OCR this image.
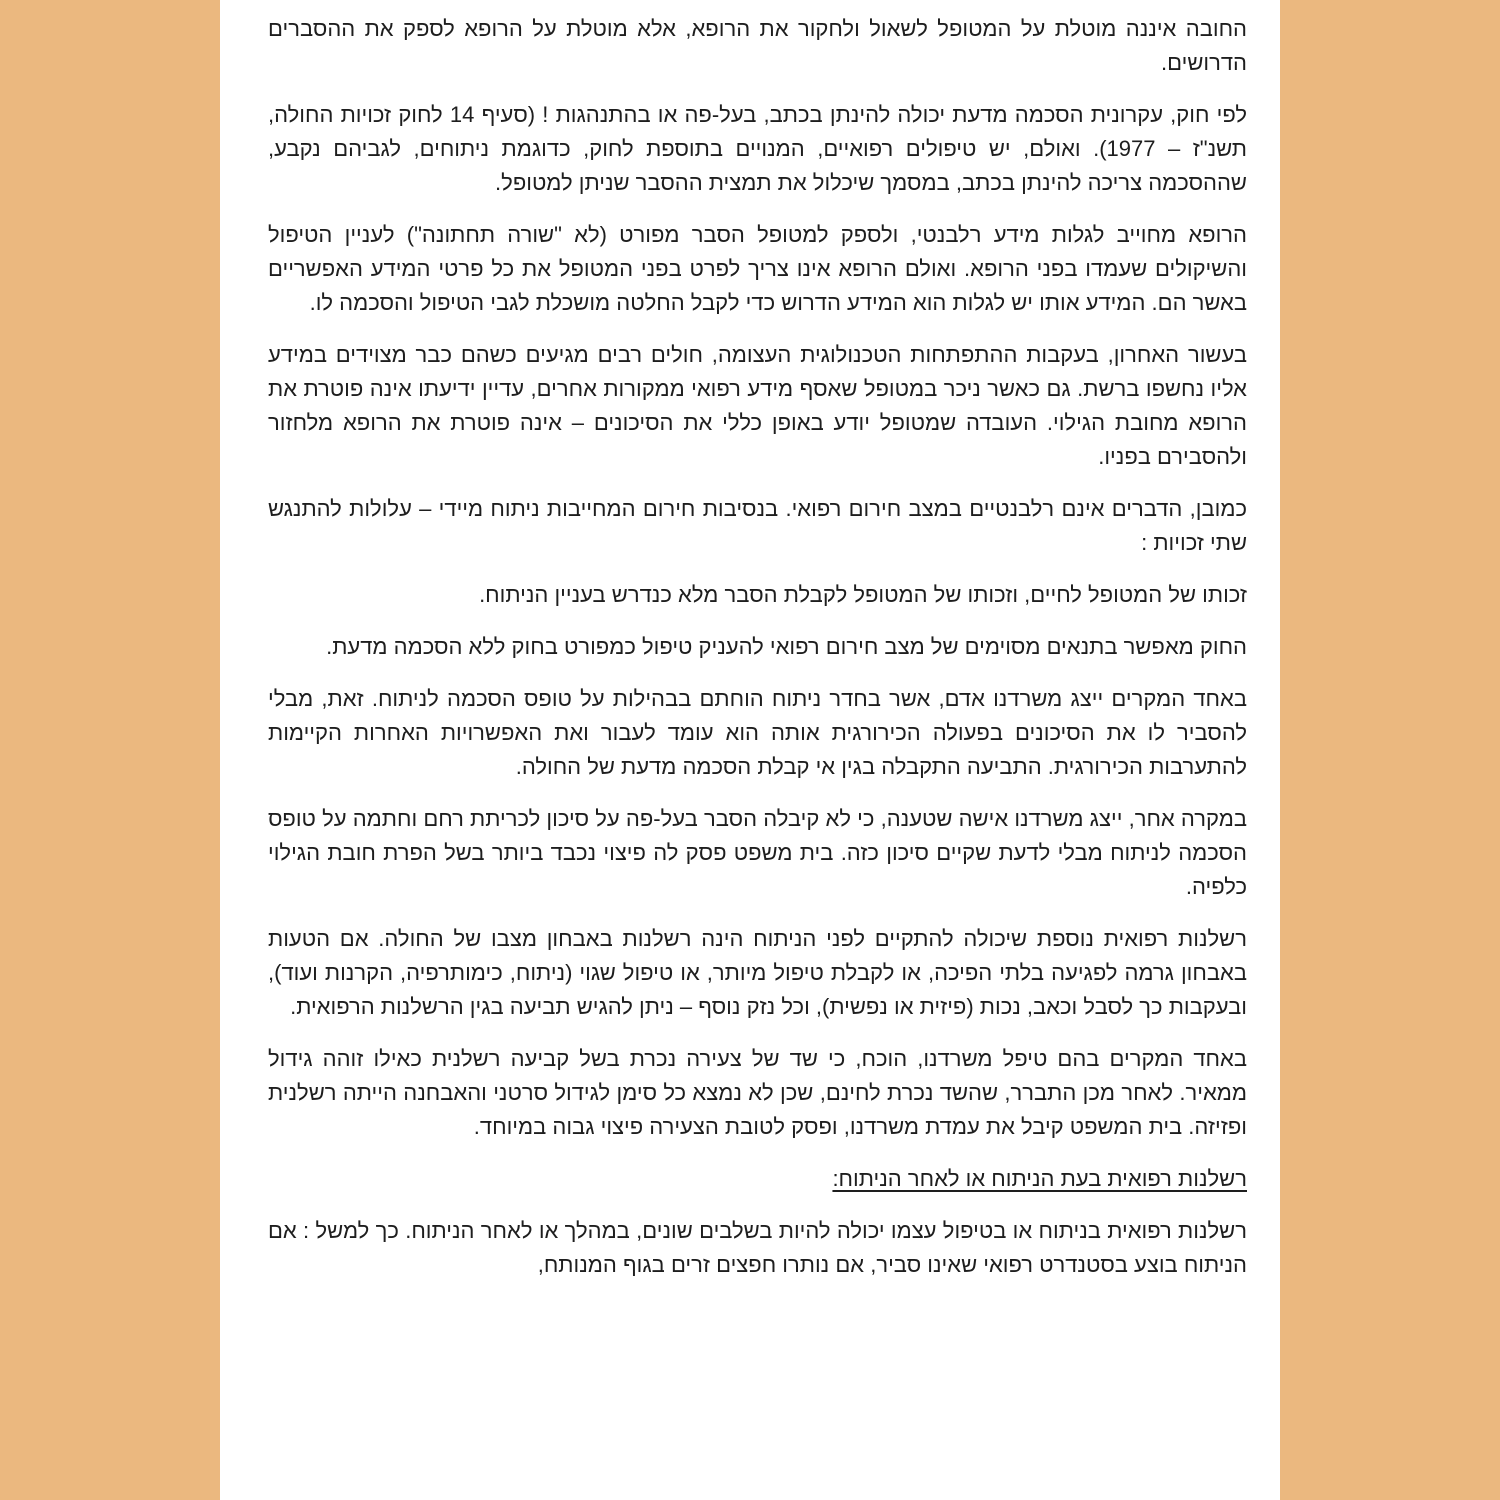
החובה איננה מוטלת על המטופל לשאול ולחקור את הרופא, אלא מוטלת על הרופא לספק את ההסברים הדרושים.

לפי חוק, עקרונית הסכמה מדעת יכולה להינתן בכתב, בעל-פה או בהתנהגות ! (סעיף 14 לחוק זכויות החולה, תשנ"ז – 1977). ואולם, יש טיפולים רפואיים, המנויים בתוספת לחוק, כדוגמת ניתוחים, לגביהם נקבע, שההסכמה צריכה להינתן בכתב, במסמך שיכלול את תמצית ההסבר שניתן למטופל.

הרופא מחוייב לגלות מידע רלבנטי, ולספק למטופל הסבר מפורט (לא "שורה תחתונה") לעניין הטיפול והשיקולים שעמדו בפני הרופא. ואולם הרופא אינו צריך לפרט בפני המטופל את כל פרטי המידע האפשריים באשר הם. המידע אותו יש לגלות הוא המידע הדרוש כדי לקבל החלטה מושכלת לגבי הטיפול והסכמה לו.

בעשור האחרון, בעקבות ההתפתחות הטכנולוגית העצומה, חולים רבים מגיעים כשהם כבר מצוידים במידע אליו נחשפו ברשת. גם כאשר ניכר במטופל שאסף מידע רפואי ממקורות אחרים, עדיין ידיעתו אינה פוטרת את הרופא מחובת הגילוי. העובדה שמטופל יודע באופן כללי את הסיכונים – אינה פוטרת את הרופא מלחזור ולהסבירם בפניו.

כמובן, הדברים אינם רלבנטיים במצב חירום רפואי. בנסיבות חירום המחייבות ניתוח מיידי – עלולות להתנגש שתי זכויות :

זכותו של המטופל לחיים, וזכותו של המטופל לקבלת הסבר מלא כנדרש בעניין הניתוח.

החוק מאפשר בתנאים מסוימים של מצב חירום רפואי להעניק טיפול כמפורט בחוק ללא הסכמה מדעת.

באחד המקרים ייצג משרדנו אדם, אשר בחדר ניתוח הוחתם בבהילות על טופס הסכמה לניתוח. זאת, מבלי להסביר לו את הסיכונים בפעולה הכירורגית אותה הוא עומד לעבור ואת האפשרויות האחרות הקיימות להתערבות הכירורגית. התביעה התקבלה בגין אי קבלת הסכמה מדעת של החולה.

במקרה אחר, ייצג משרדנו אישה שטענה, כי לא קיבלה הסבר בעל-פה על סיכון לכריתת רחם וחתמה על טופס הסכמה לניתוח מבלי לדעת שקיים סיכון כזה. בית משפט פסק לה פיצוי נכבד ביותר בשל הפרת חובת הגילוי כלפיה.

רשלנות רפואית נוספת שיכולה להתקיים לפני הניתוח הינה רשלנות באבחון מצבו של החולה. אם הטעות באבחון גרמה לפגיעה בלתי הפיכה, או לקבלת טיפול מיותר, או טיפול שגוי (ניתוח, כימותרפיה, הקרנות ועוד), ובעקבות כך לסבל וכאב, נכות (פיזית או נפשית), וכל נזק נוסף – ניתן להגיש תביעה בגין הרשלנות הרפואית.

באחד המקרים בהם טיפל משרדנו, הוכח, כי שד של צעירה נכרת בשל קביעה רשלנית כאילו זוהה גידול ממאיר. לאחר מכן התברר, שהשד נכרת לחינם, שכן לא נמצא כל סימן לגידול סרטני והאבחנה הייתה רשלנית ופזיזה. בית המשפט קיבל את עמדת משרדנו, ופסק לטובת הצעירה פיצוי גבוה במיוחד.

רשלנות רפואית בעת הניתוח או לאחר הניתוח:

רשלנות רפואית בניתוח או בטיפול עצמו יכולה להיות בשלבים שונים, במהלך או לאחר הניתוח. כך למשל : אם הניתוח בוצע בסטנדרט רפואי שאינו סביר, אם נותרו חפצים זרים בגוף המנותח,
